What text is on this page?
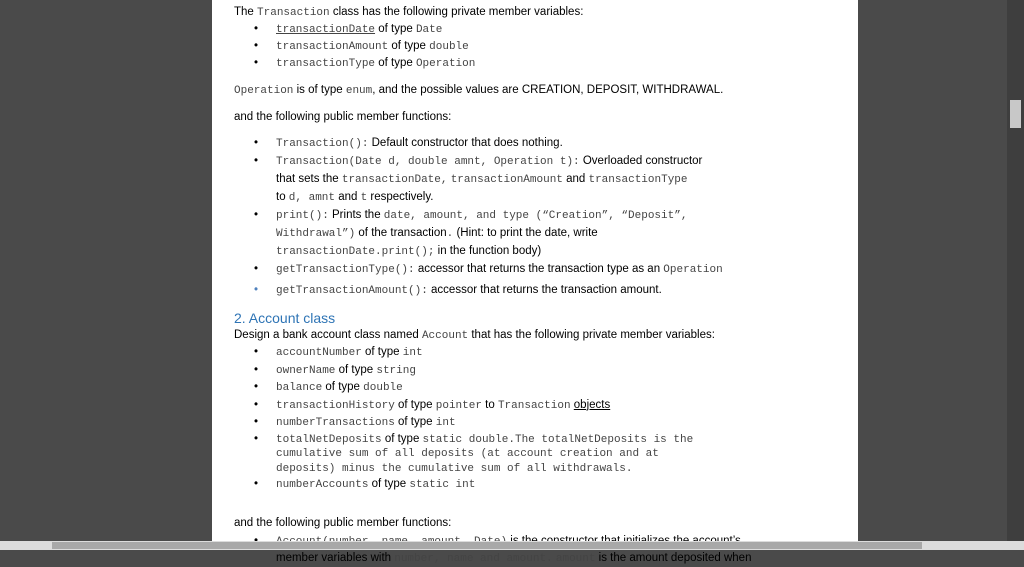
The Transaction class has the following private member variables:

• transactionDate of type Date
• transactionAmount of type double
• transactionType of type Operation

Operation is of type enum, and the possible values are CREATION, DEPOSIT, WITHDRAWAL.

and the following public member functions:

• Transaction(): Default constructor that does nothing.
• Transaction(Date d, double amnt, Operation t): Overloaded constructor
that sets the transactionDate, transactionAmount and transactionType
to d, amnt and t respectively.
• print(): Prints the date, amount, and type (“Creation”, “Deposit”,
Withdrawal”) of the transaction. (Hint: to print the date, write
transactionDate.print(); in the function body)
• getTransactionType(): accessor that returns the transaction type as an Operation
• getTransactionAmount(): accessor that returns the transaction amount.

2. Account class

Design a bank account class named Account that has the following private member variables:

• accountNumber of type int
• ownerName of type string
• balance of type double
• transactionHistory of type pointer to Transaction objects
• numberTransactions of type int
• totalNetDeposits of type static double.The totalNetDeposits is the
cumulative sum of all deposits (at account creation and at
deposits) minus the cumulative sum of all withdrawals.
• numberAccounts of type static int

and the following public member functions:

• member variables with number, name and amount. amount is the amount deposited when
